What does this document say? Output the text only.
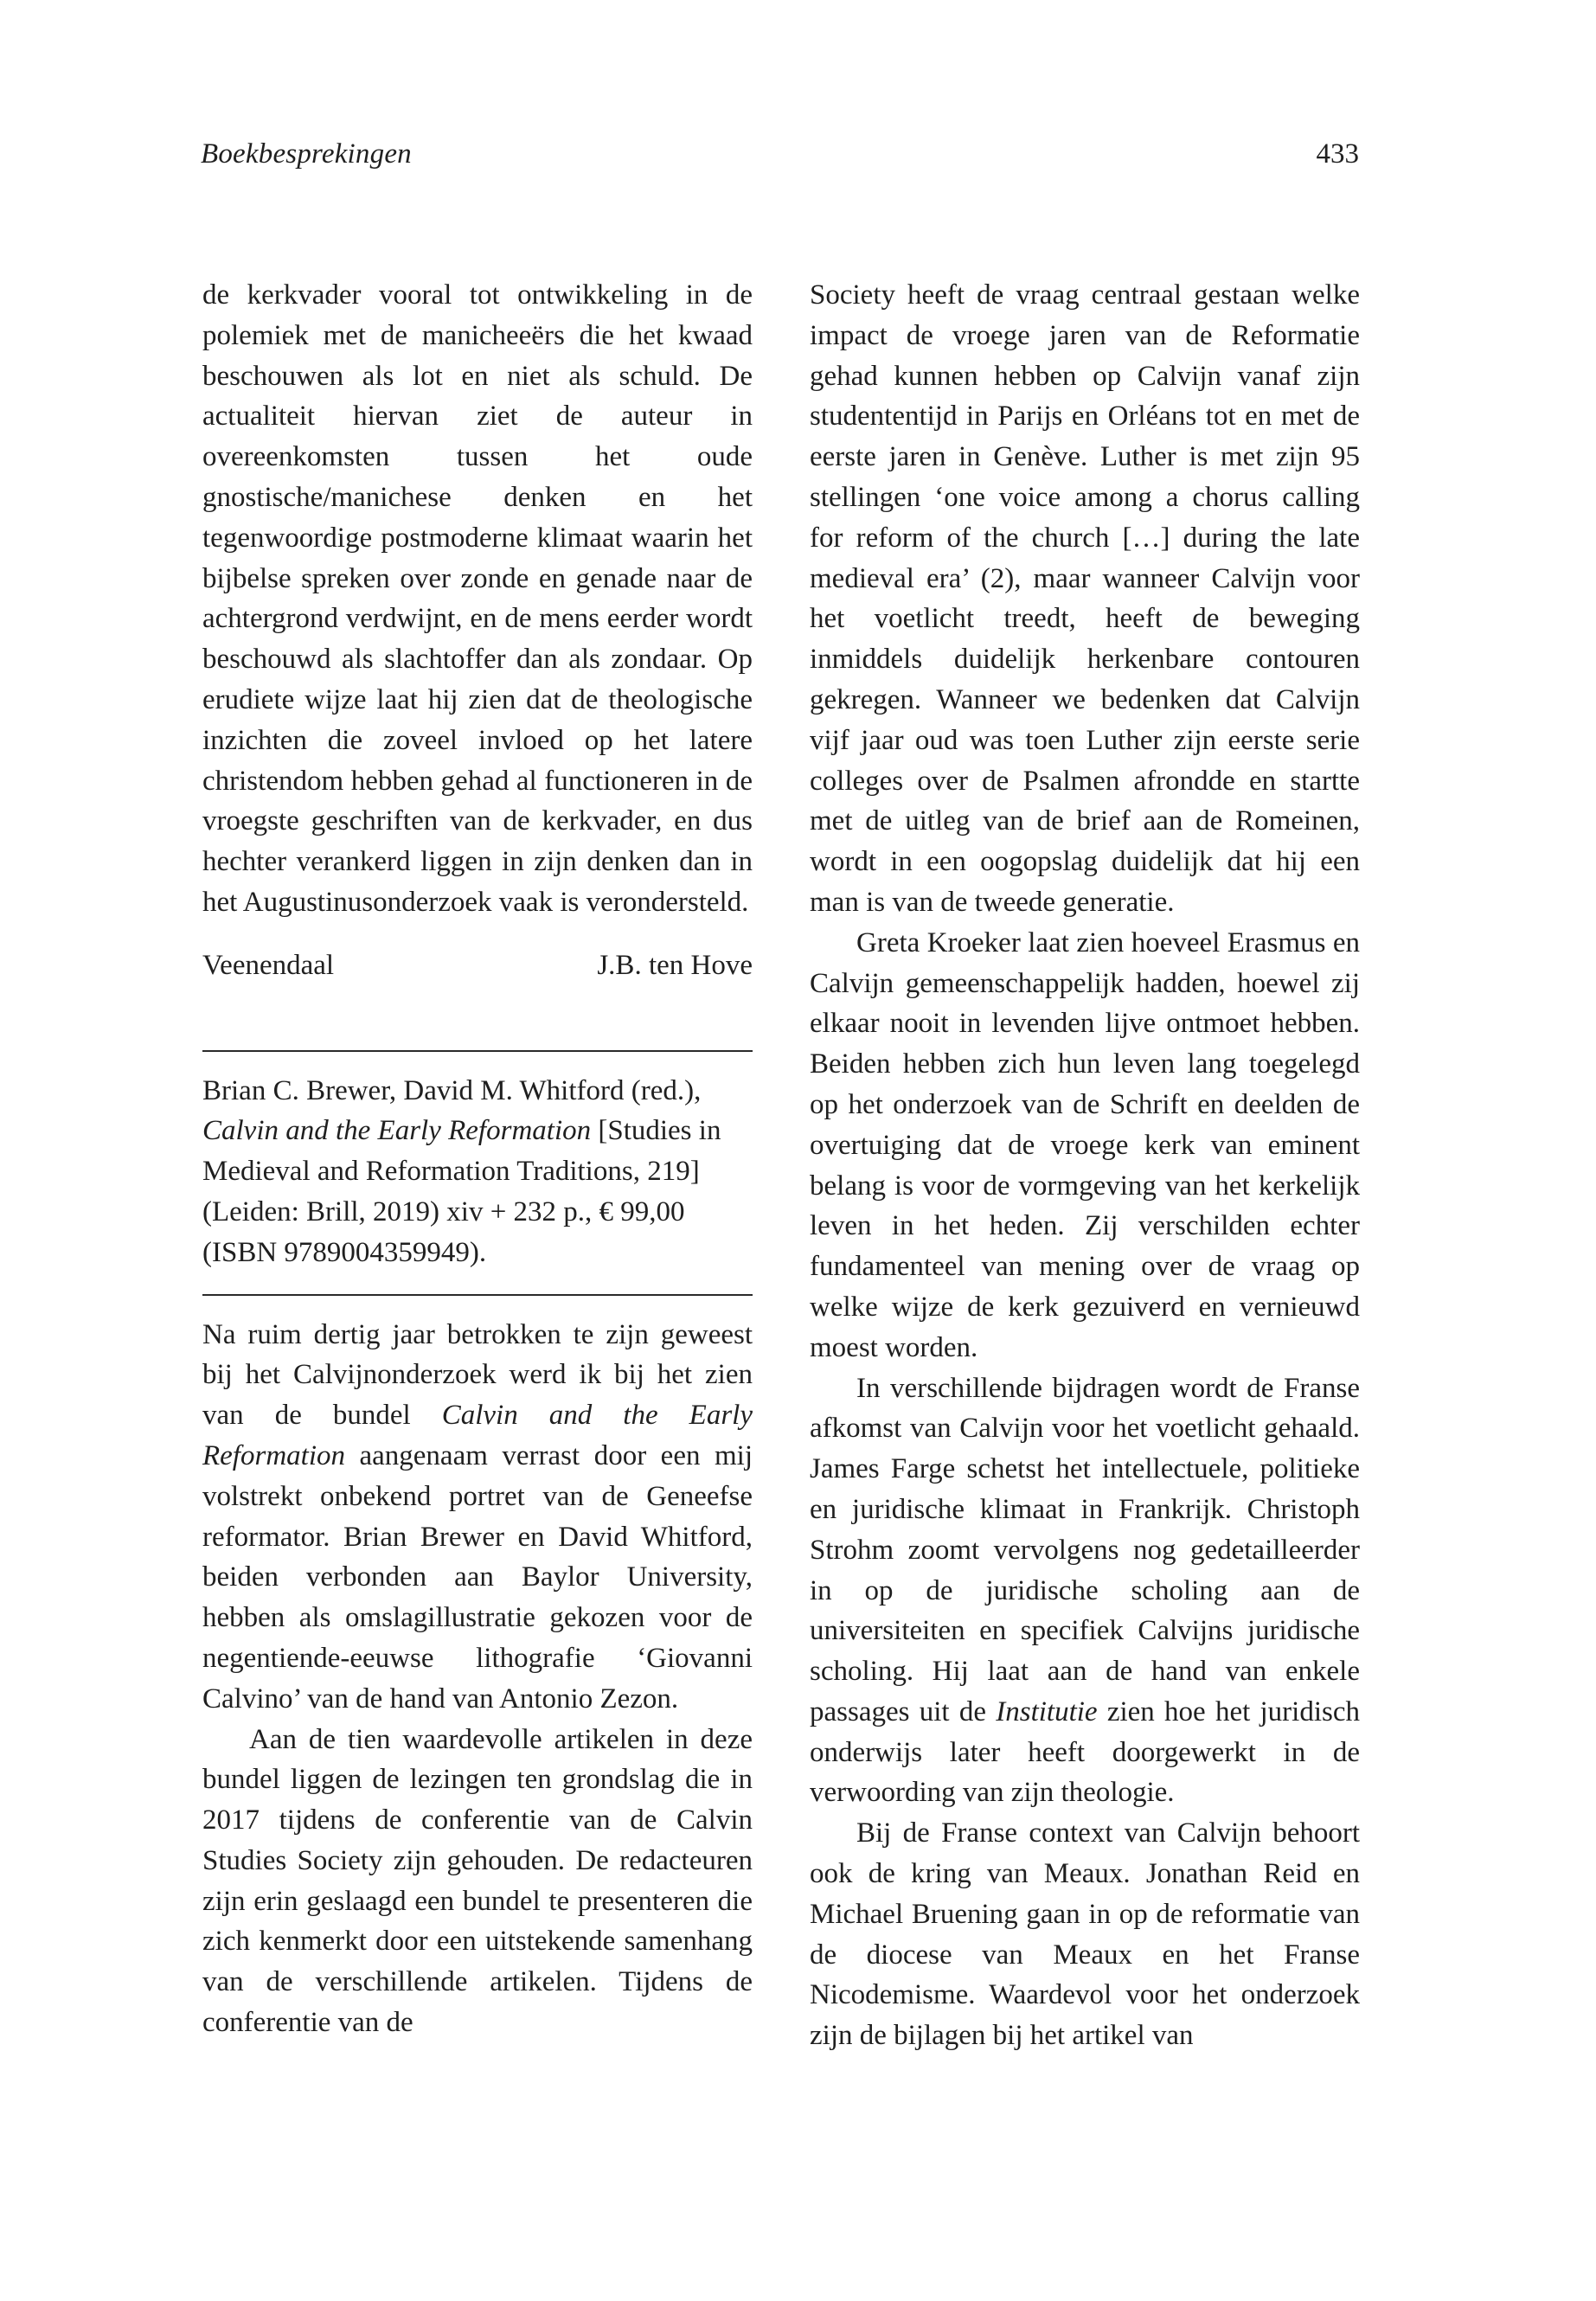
Boekbesprekingen	433

de kerkvader vooral tot ontwikkeling in de polemiek met de manicheeërs die het kwaad beschouwen als lot en niet als schuld. De actualiteit hiervan ziet de auteur in overeenkomsten tussen het oude gnostische/manichese denken en het tegenwoordige postmoderne klimaat waarin het bijbelse spreken over zonde en genade naar de achtergrond verdwijnt, en de mens eerder wordt beschouwd als slachtoffer dan als zondaar. Op erudiete wijze laat hij zien dat de theologische inzichten die zoveel invloed op het latere christendom hebben gehad al functioneren in de vroegste geschriften van de kerkvader, en dus hechter verankerd liggen in zijn denken dan in het Augustinusonderzoek vaak is verondersteld.

Veenendaal	J.B. ten Hove

Brian C. Brewer, David M. Whitford (red.), Calvin and the Early Reformation [Studies in Medieval and Reformation Traditions, 219] (Leiden: Brill, 2019) xiv + 232 p., € 99,00 (ISBN 9789004359949).

Na ruim dertig jaar betrokken te zijn geweest bij het Calvijnonderzoek werd ik bij het zien van de bundel Calvin and the Early Reformation aangenaam verrast door een mij volstrekt onbekend portret van de Geneefse reformator. Brian Brewer en David Whitford, beiden verbonden aan Baylor University, hebben als omslagillustratie gekozen voor de negentiende-eeuwse lithografie ‘Giovanni Calvino’ van de hand van Antonio Zezon.

Aan de tien waardevolle artikelen in deze bundel liggen de lezingen ten grondslag die in 2017 tijdens de conferentie van de Calvin Studies Society zijn gehouden. De redacteuren zijn erin geslaagd een bundel te presenteren die zich kenmerkt door een uitstekende samenhang van de verschillende artikelen. Tijdens de conferentie van de

Society heeft de vraag centraal gestaan welke impact de vroege jaren van de Reformatie gehad kunnen hebben op Calvijn vanaf zijn studententijd in Parijs en Orléans tot en met de eerste jaren in Genève. Luther is met zijn 95 stellingen ‘one voice among a chorus calling for reform of the church […] during the late medieval era’ (2), maar wanneer Calvijn voor het voetlicht treedt, heeft de beweging inmiddels duidelijk herkenbare contouren gekregen. Wanneer we bedenken dat Calvijn vijf jaar oud was toen Luther zijn eerste serie colleges over de Psalmen afrondde en startte met de uitleg van de brief aan de Romeinen, wordt in een oogopslag duidelijk dat hij een man is van de tweede generatie.

Greta Kroeker laat zien hoeveel Erasmus en Calvijn gemeenschappelijk hadden, hoewel zij elkaar nooit in levenden lijve ontmoet hebben. Beiden hebben zich hun leven lang toegelegd op het onderzoek van de Schrift en deelden de overtuiging dat de vroege kerk van eminent belang is voor de vormgeving van het kerkelijk leven in het heden. Zij verschilden echter fundamenteel van mening over de vraag op welke wijze de kerk gezuiverd en vernieuwd moest worden.

In verschillende bijdragen wordt de Franse afkomst van Calvijn voor het voetlicht gehaald. James Farge schetst het intellectuele, politieke en juridische klimaat in Frankrijk. Christoph Strohm zoomt vervolgens nog gedetailleerder in op de juridische scholing aan de universiteiten en specifiek Calvijns juridische scholing. Hij laat aan de hand van enkele passages uit de Institutie zien hoe het juridisch onderwijs later heeft doorgewerkt in de verwoording van zijn theologie.

Bij de Franse context van Calvijn behoort ook de kring van Meaux. Jonathan Reid en Michael Bruening gaan in op de reformatie van de diocese van Meaux en het Franse Nicodemisme. Waardevol voor het onderzoek zijn de bijlagen bij het artikel van
